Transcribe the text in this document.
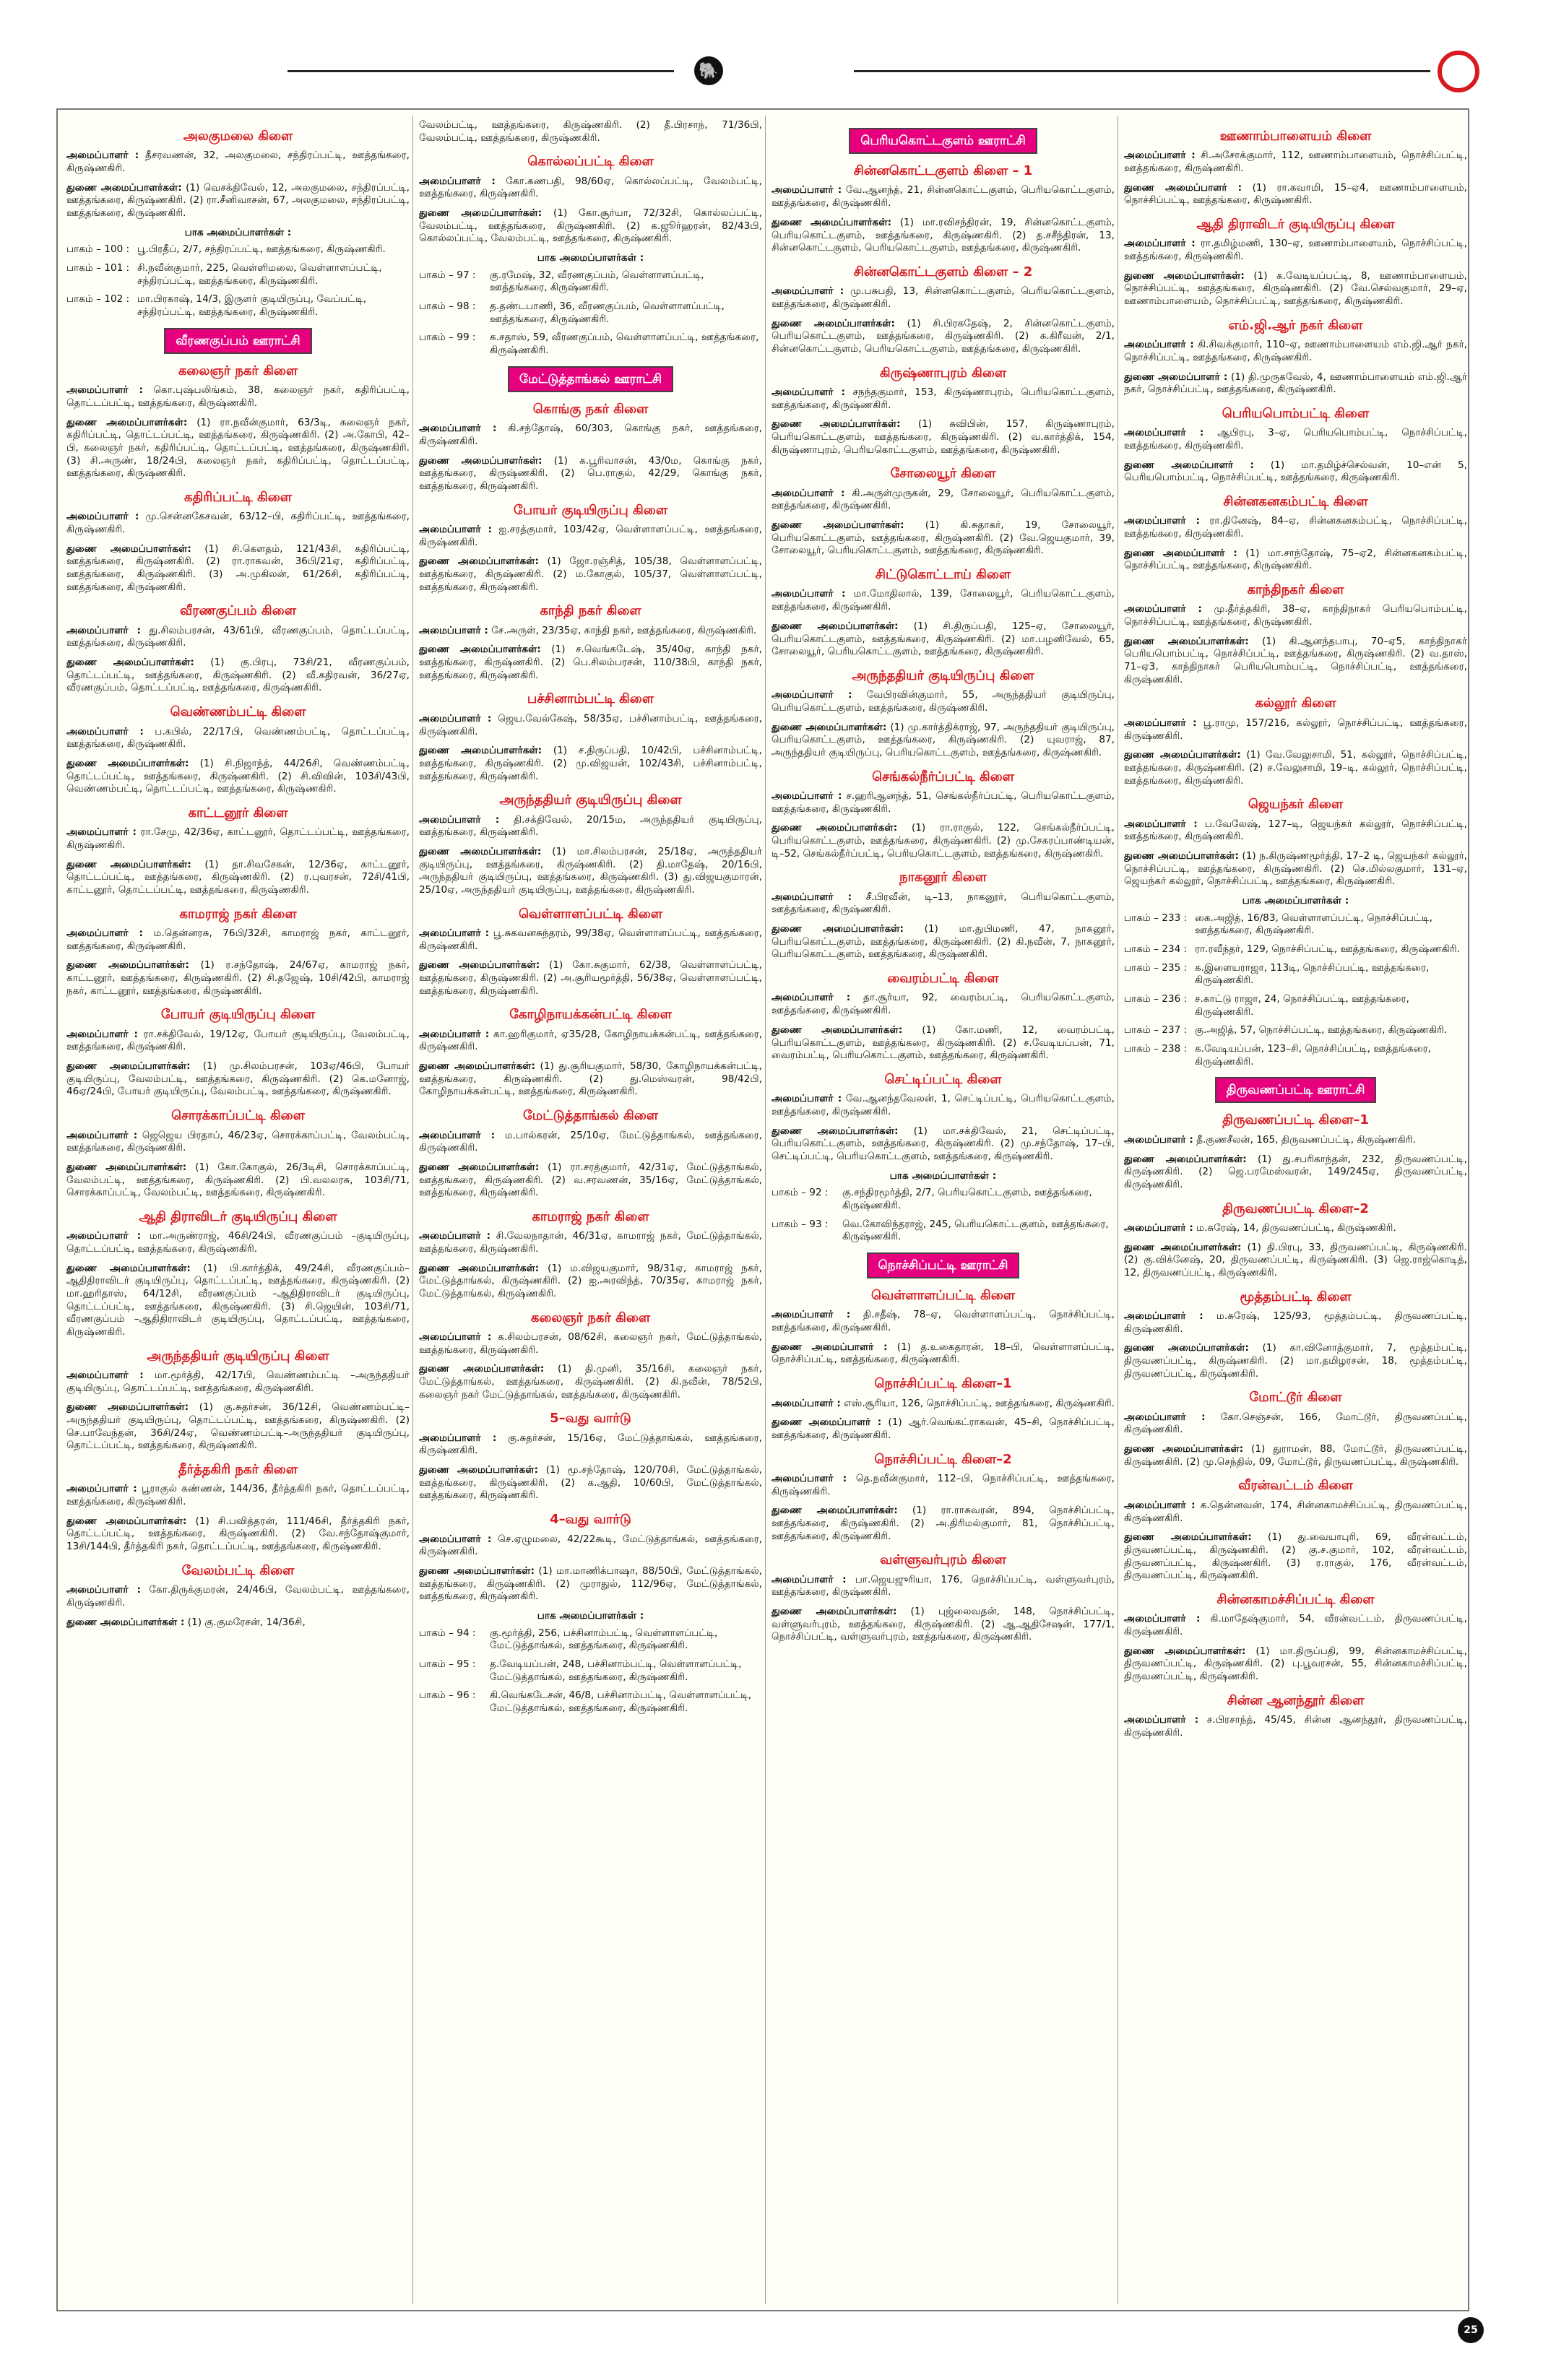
🐘
அலகுமலை கிளை
அமைப்பாளர் : தீசரவணன், 32, அலகுமலை, சந்திரப்பட்டி, ஊத்தங்கரை, கிருஷ்ணகிரி.
துணை அமைப்பாளர்கள்: (1) வெசக்திவேல், 12, அலகுமலை, சந்திரப்பட்டி, ஊத்தங்கரை, கிருஷ்ணகிரி. (2) ரா.சீனிவாசன், 67, அலகுமலை, சந்திரப்பட்டி, ஊத்தங்கரை, கிருஷ்ணகிரி.
பாக அமைப்பாளர்கள் :
பாகம் – 100 : பூ.பிரதீப், 2/7, சந்திரப்பட்டி, ஊத்தங்கரை, கிருஷ்ணகிரி.
பாகம் – 101 : சி.நவீன்குமார், 225, வெள்ளிமலை, வெள்ளாளப்பட்டி, சந்திரப்பட்டி, ஊத்தங்கரை, கிருஷ்ணகிரி.
பாகம் – 102 : மா.பிரகாஷ், 14/3, இருளர் குடியிருப்பு, வேப்பட்டி, சந்திரப்பட்டி, ஊத்தங்கரை, கிருஷ்ணகிரி.
வீரணகுப்பம் ஊராட்சி
கலைஞர் நகர் கிளை
அமைப்பாளர் : கொ.புஷ்பலிங்கம், 38, கலைஞர் நகர், கதிரிப்பட்டி, தொட்டப்பட்டி, ஊத்தங்கரை, கிருஷ்ணகிரி.
துணை அமைப்பாளர்கள்: (1) ரா.நவீன்குமார், 63/3டி, கலைஞர் நகர், கதிரிப்பட்டி, தொட்டப்பட்டி, ஊத்தங்கரை, கிருஷ்ணகிரி. (2) அ.கோபி, 42–பி, கலைஞர் நகர், கதிரிப்பட்டி, தொட்டப்பட்டி, ஊத்தங்கரை, கிருஷ்ணகிரி. (3) சி.அருண், 18/24பி, கலைஞர் நகர், கதிரிப்பட்டி, தொட்டப்பட்டி, ஊத்தங்கரை, கிருஷ்ணகிரி.
கதிரிப்பட்டி கிளை
அமைப்பாளர் : மு.சென்னகேசவன், 63/12–பி, கதிரிப்பட்டி, ஊத்தங்கரை, கிருஷ்ணகிரி.
துணை அமைப்பாளர்கள்: (1) சி.கௌதம், 121/43சி, கதிரிப்பட்டி, ஊத்தங்கரை, கிருஷ்ணகிரி. (2) ரா.ராகவன், 36பி/21ஏ, கதிரிப்பட்டி, ஊத்தங்கரை, கிருஷ்ணகிரி. (3) அ.முகிலன், 61/26சி, கதிரிப்பட்டி, ஊத்தங்கரை, கிருஷ்ணகிரி.
வீரணகுப்பம் கிளை
அமைப்பாளர் : து.சிலம்பரசன், 43/61பி, வீரணகுப்பம், தொட்டப்பட்டி, ஊத்தங்கரை, கிருஷ்ணகிரி.
துணை அமைப்பாளர்கள்: (1) கு.பிரபு, 73சி/21, வீரணகுப்பம், தொட்டப்பட்டி, ஊத்தங்கரை, கிருஷ்ணகிரி. (2) வீ.கதிரவன், 36/27ஏ, வீரணகுப்பம், தொட்டப்பட்டி, ஊத்தங்கரை, கிருஷ்ணகிரி.
வெண்ணம்பட்டி கிளை
அமைப்பாளர் : ப.கபில், 22/17பி, வெண்ணம்பட்டி, தொட்டப்பட்டி, ஊத்தங்கரை, கிருஷ்ணகிரி.
துணை அமைப்பாளர்கள்: (1) சி.நிஜாந்த், 44/26சி, வெண்ணம்பட்டி, தொட்டப்பட்டி, ஊத்தங்கரை, கிருஷ்ணகிரி. (2) சி.விவின், 103சி/43பி, வெண்ணம்பட்டி, தொட்டப்பட்டி, ஊத்தங்கரை, கிருஷ்ணகிரி.
காட்டனூர் கிளை
அமைப்பாளர் : ரா.சேமு, 42/36ஏ, காட்டனூர், தொட்டப்பட்டி, ஊத்தங்கரை, கிருஷ்ணகிரி.
துணை அமைப்பாளர்கள்: (1) தா.சிவசேகன், 12/36ஏ, காட்டனூர், தொட்டப்பட்டி, ஊத்தங்கரை, கிருஷ்ணகிரி. (2) ர.புவரசன், 72சி/41பி, காட்டனூர், தொட்டப்பட்டி, ஊத்தங்கரை, கிருஷ்ணகிரி.
காமராஜ் நகர் கிளை
அமைப்பாளர் : ம.தென்னரசு, 76பி/32சி, காமராஜ் நகர், காட்டனூர், ஊத்தங்கரை, கிருஷ்ணகிரி.
துணை அமைப்பாளர்கள்: (1) ர.சந்தோஷ், 24/67ஏ, காமராஜ் நகர், காட்டனூர், ஊத்தங்கரை, கிருஷ்ணகிரி. (2) சி.தஜேஷ், 10சி/42பி, காமராஜ் நகர், காட்டனூர், ஊத்தங்கரை, கிருஷ்ணகிரி.
போயர் குடியிருப்பு கிளை
அமைப்பாளர் : ரா.சக்திவேல், 19/12ஏ, போயர் குடியிருப்பு, வேலம்பட்டி, ஊத்தங்கரை, கிருஷ்ணகிரி.
துணை அமைப்பாளர்கள்: (1) மு.சிலம்பரசன், 103ஏ/46பி, போயர் குடியிருப்பு, வேலம்பட்டி, ஊத்தங்கரை, கிருஷ்ணகிரி. (2) கெ.மனோஜ், 46ஏ/24பி, போயர் குடியிருப்பு, வேலம்பட்டி, ஊத்தங்கரை, கிருஷ்ணகிரி.
சொரக்காப்பட்டி கிளை
அமைப்பாளர் : ஜெஜெய பிரதாப், 46/23ஏ, சொரக்காப்பட்டி, வேலம்பட்டி, ஊத்தங்கரை, கிருஷ்ணகிரி.
துணை அமைப்பாளர்கள்: (1) கோ.கோகுல், 26/3டிசி, சொரக்காப்பட்டி, வேலம்பட்டி, ஊத்தங்கரை, கிருஷ்ணகிரி. (2) பி.வலலரசு, 103சி/71, சொரக்காப்பட்டி, வேலம்பட்டி, ஊத்தங்கரை, கிருஷ்ணகிரி.
ஆதி திராவிடர் குடியிருப்பு கிளை
அமைப்பாளர் : மா.அருண்ராஜ், 46சி/24பி, வீரணகுப்பம் –குடியிருப்பு, தொட்டப்பட்டி, ஊத்தங்கரை, கிருஷ்ணகிரி.
துணை அமைப்பாளர்கள்: (1) பி.கார்த்திக், 49/24சி, வீரணகுப்பம்–ஆதிதிராவிடர் குடியிருப்பு, தொட்டப்பட்டி, ஊத்தங்கரை, கிருஷ்ணகிரி. (2) மா.ஹரிதாஸ், 64/12சி, வீரணகுப்பம் –ஆதிதிராவிடர் குடியிருப்பு, தொட்டப்பட்டி, ஊத்தங்கரை, கிருஷ்ணகிரி. (3) சி.ஜெயின், 103சி/71, வீரணகுப்பம் –ஆதிதிராவிடர் குடியிருப்பு, தொட்டப்பட்டி, ஊத்தங்கரை, கிருஷ்ணகிரி.
அருந்ததியர் குடியிருப்பு கிளை
அமைப்பாளர் : மா.மூர்த்தி, 42/17பி, வெண்ணம்பட்டி –அருந்ததியர் குடியிருப்பு, தொட்டப்பட்டி, ஊத்தங்கரை, கிருஷ்ணகிரி.
துணை அமைப்பாளர்கள்: (1) கு.சுதர்சன், 36/12சி, வெண்ணம்பட்டி–அருந்ததியர் குடியிருப்பு, தொட்டப்பட்டி, ஊத்தங்கரை, கிருஷ்ணகிரி. (2) செ.பாவேந்தன், 36சி/24ஏ, வெண்ணம்பட்டி–அருந்ததியர் குடியிருப்பு, தொட்டப்பட்டி, ஊத்தங்கரை, கிருஷ்ணகிரி.
தீர்த்தகிரி நகர் கிளை
அமைப்பாளர் : பூராகுல் கண்ணன், 144/36, தீர்த்தகிரி நகர், தொட்டப்பட்டி, ஊத்தங்கரை, கிருஷ்ணகிரி.
துணை அமைப்பாளர்கள்: (1) சி.பவித்தரன், 111/46சி, தீர்த்தகிரி நகர், தொட்டப்பட்டி, ஊத்தங்கரை, கிருஷ்ணகிரி. (2) வே.சந்தோஷ்குமார், 13சி/144பி, தீர்த்தகிரி நகர், தொட்டப்பட்டி, ஊத்தங்கரை, கிருஷ்ணகிரி.
வேலம்பட்டி கிளை
அமைப்பாளர் : கோ.திருக்குமரன், 24/46பி, வேலம்பட்டி, ஊத்தங்கரை, கிருஷ்ணகிரி.
துணை அமைப்பாளர்கள் : (1) கு.குமரேசன், 14/36சி,
வேலம்பட்டி, ஊத்தங்கரை, கிருஷ்ணகிரி. (2) தீ.பிரசாந், 71/36பி, வேலம்பட்டி, ஊத்தங்கரை, கிருஷ்ணகிரி.
கொல்லப்பட்டி கிளை
அமைப்பாளர் : கோ.கணபதி, 98/60ஏ, கொல்லப்பட்டி, வேலம்பட்டி, ஊத்தங்கரை, கிருஷ்ணகிரி.
துணை அமைப்பாளர்கள்: (1) கோ.சூர்யா, 72/32சி, கொல்லப்பட்டி, வேலம்பட்டி, ஊத்தங்கரை, கிருஷ்ணகிரி. (2) க.ஜூர்ஹரன், 82/43பி, கொல்லப்பட்டி, வேலம்பட்டி, ஊத்தங்கரை, கிருஷ்ணகிரி.
பாக அமைப்பாளர்கள் :
பாகம் – 97 :	கு.ரமேஷ், 32, வீரணகுப்பம், வெள்ளாளப்பட்டி, ஊத்தங்கரை, கிருஷ்ணகிரி.
பாகம் – 98 :	த.தண்டபாணி, 36, வீரணகுப்பம், வெள்ளாளப்பட்டி, ஊத்தங்கரை, கிருஷ்ணகிரி.
பாகம் – 99 :	க.சதாஸ், 59, வீரணகுப்பம், வெள்ளாளப்பட்டி, ஊத்தங்கரை, கிருஷ்ணகிரி.
மேட்டுத்தாங்கல் ஊராட்சி
கொங்கு நகர் கிளை
அமைப்பாளர் : கி.சந்தோஷ், 60/303, கொங்கு நகர், ஊத்தங்கரை, கிருஷ்ணகிரி.
துணை அமைப்பாளர்கள்: (1) க.பூரிவாசன், 43/0ம, கொங்கு நகர், ஊத்தங்கரை, கிருஷ்ணகிரி. (2) பெ.ராகுல், 42/29, கொங்கு நகர், ஊத்தங்கரை, கிருஷ்ணகிரி.
போயர் குடியிருப்பு கிளை
அமைப்பாளர் : ஐ.சரத்குமார், 103/42ஏ, வெள்ளாளப்பட்டி, ஊத்தங்கரை, கிருஷ்ணகிரி.
துணை அமைப்பாளர்கள்: (1) ஜோ.ரஞ்சித், 105/38, வெள்ளாளப்பட்டி, ஊத்தங்கரை, கிருஷ்ணகிரி. (2) ம.கோகுல், 105/37, வெள்ளாளப்பட்டி, ஊத்தங்கரை, கிருஷ்ணகிரி.
காந்தி நகர் கிளை
அமைப்பாளர் : சே.அருள், 23/35ஏ, காந்தி நகர், ஊத்தங்கரை, கிருஷ்ணகிரி.
துணை அமைப்பாளர்கள்: (1) ச.வெங்கடேஷ், 35/40ஏ, காந்தி நகர், ஊத்தங்கரை, கிருஷ்ணகிரி. (2) பெ.சிலம்பரசன், 110/38பி, காந்தி நகர், ஊத்தங்கரை, கிருஷ்ணகிரி.
பச்சினாம்பட்டி கிளை
அமைப்பாளர் : ஜெய.வேல்கேஷ், 58/35ஏ, பச்சினாம்பட்டி, ஊத்தங்கரை, கிருஷ்ணகிரி.
துணை அமைப்பாளர்கள்: (1) ச.திருப்பதி, 10/42பி, பச்சினாம்பட்டி, ஊத்தங்கரை, கிருஷ்ணகிரி. (2) மு.விஜயன், 102/43சி, பச்சினாம்பட்டி, ஊத்தங்கரை, கிருஷ்ணகிரி.
அருந்ததியர் குடியிருப்பு கிளை
அமைப்பாளர் : தி.சக்திவேல், 20/15ம, அருந்ததியர் குடியிருப்பு, ஊத்தங்கரை, கிருஷ்ணகிரி.
துணை அமைப்பாளர்கள்: (1) மா.சிலம்பரசன், 25/18ஏ, அருந்ததியர் குடியிருப்பு, ஊத்தங்கரை, கிருஷ்ணகிரி. (2) தி.மாதேஷ், 20/16பி, அருந்ததியர் குடியிருப்பு, ஊத்தங்கரை, கிருஷ்ணகிரி. (3) து.விஜயகுமாரன், 25/10ஏ, அருந்ததியர் குடியிருப்பு, ஊத்தங்கரை, கிருஷ்ணகிரி.
வெள்ளாளப்பட்டி கிளை
அமைப்பாளர் : பூ.சுகவனசுந்தரம், 99/38ஏ, வெள்ளாளப்பட்டி, ஊத்தங்கரை, கிருஷ்ணகிரி.
துணை அமைப்பாளர்கள்: (1) கோ.சுகுமார், 62/38, வெள்ளாளப்பட்டி, ஊத்தங்கரை, கிருஷ்ணகிரி. (2) அ.சூரியமூர்த்தி, 56/38ஏ, வெள்ளாளப்பட்டி, ஊத்தங்கரை, கிருஷ்ணகிரி.
கோழிநாயக்கன்பட்டி கிளை
அமைப்பாளர் : கா.ஹரிகுமார், ஏ35/28, கோழிநாயக்கன்பட்டி, ஊத்தங்கரை, கிருஷ்ணகிரி.
துணை அமைப்பாளர்கள்: (1) து.சூரியகுமார், 58/30, கோழிநாயக்கன்பட்டி, ஊத்தங்கரை, கிருஷ்ணகிரி. (2) து.மெஸ்வரன், 98/42பி, கோழிநாயக்கன்பட்டி, ஊத்தங்கரை, கிருஷ்ணகிரி.
மேட்டுத்தாங்கல் கிளை
அமைப்பாளர் : ம.பால்கரன், 25/10ஏ, மேட்டுத்தாங்கல், ஊத்தங்கரை, கிருஷ்ணகிரி.
துணை அமைப்பாளர்கள்: (1) ரா.சரத்குமார், 42/31ஏ, மேட்டுத்தாங்கல், ஊத்தங்கரை, கிருஷ்ணகிரி. (2) வ.சரவணன், 35/16ஏ, மேட்டுத்தாங்கல், ஊத்தங்கரை, கிருஷ்ணகிரி.
காமராஜ் நகர் கிளை
அமைப்பாளர் : சி.வேலநாதான், 46/31ஏ, காமராஜ் நகர், மேட்டுத்தாங்கல், ஊத்தங்கரை, கிருஷ்ணகிரி.
துணை அமைப்பாளர்கள்: (1) ம.விஜயகுமார், 98/31ஏ, காமராஜ் நகர், மேட்டுத்தாங்கல், கிருஷ்ணகிரி. (2) ஐ.அரவிந்த், 70/35ஏ, காமராஜ் நகர், மேட்டுத்தாங்கல், கிருஷ்ணகிரி.
கலைஞர் நகர் கிளை
அமைப்பாளர் : க.சிலம்பரசன், 08/62சி, கலைஞர் நகர், மேட்டுத்தாங்கல், ஊத்தங்கரை, கிருஷ்ணகிரி.
துணை அமைப்பாளர்கள்: (1) தி.முனி, 35/16சி, கலைஞர் நகர், மேட்டுத்தாங்கல், ஊத்தங்கரை, கிருஷ்ணகிரி. (2) கி.நவீன், 78/52பி, கலைஞர் நகர் மேட்டுத்தாங்கல், ஊத்தங்கரை, கிருஷ்ணகிரி.
5–வது வார்டு
அமைப்பாளர் : கு.சுதர்சன், 15/16ஏ, மேட்டுத்தாங்கல், ஊத்தங்கரை, கிருஷ்ணகிரி.
துணை அமைப்பாளர்கள்: (1) மூ.சந்தோஷ், 120/70சி, மேட்டுத்தாங்கல், ஊத்தங்கரை, கிருஷ்ணகிரி. (2) க.ஆதி, 10/60பி, மேட்டுத்தாங்கல், ஊத்தங்கரை, கிருஷ்ணகிரி.
4–வது வார்டு
அமைப்பாளர் : செ.ஏழுமலை, 42/22கூடி, மேட்டுத்தாங்கல், ஊத்தங்கரை, கிருஷ்ணகிரி.
துணை அமைப்பாளர்கள்: (1) மா.மாணிக்பாஷா, 88/50பி, மேட்டுத்தாங்கல், ஊத்தங்கரை, கிருஷ்ணகிரி. (2) முராதுல், 112/96ஏ, மேட்டுத்தாங்கல், ஊத்தங்கரை, கிருஷ்ணகிரி.
பாக அமைப்பாளர்கள் :
பாகம் – 94 :	கு.மூர்த்தி, 256, பச்சினாம்பட்டி, வெள்ளாளப்பட்டி, மேட்டுத்தாங்கல், ஊத்தங்கரை, கிருஷ்ணகிரி.
பாகம் – 95 :	த.வேடியப்பன், 248, பச்சினாம்பட்டி, வெள்ளாளப்பட்டி, மேட்டுத்தாங்கல், ஊத்தங்கரை, கிருஷ்ணகிரி.
பாகம் – 96 :	கி.வெங்கடேசன், 46/8, பச்சினாம்பட்டி, வெள்ளாளப்பட்டி, மேட்டுத்தாங்கல், ஊத்தங்கரை, கிருஷ்ணகிரி.
பெரியகொட்டகுளம் ஊராட்சி
சின்னகொட்டகுளம் கிளை – 1
அமைப்பாளர் : வே.ஆனந்த், 21, சின்னகொட்டகுளம், பெரியகொட்டகுளம், ஊத்தங்கரை, கிருஷ்ணகிரி.
துணை அமைப்பாளர்கள்: (1) மா.ரவிசந்திரன், 19, சின்னகொட்டகுளம், பெரியகொட்டகுளம், ஊத்தங்கரை, கிருஷ்ணகிரி. (2) த.சசீந்திரன், 13, சின்னகொட்டகுளம், பெரியகொட்டகுளம், ஊத்தங்கரை, கிருஷ்ணகிரி.
சின்னகொட்டகுளம் கிளை – 2
அமைப்பாளர் : மு.பசுபதி, 13, சின்னகொட்டகுளம், பெரியகொட்டகுளம், ஊத்தங்கரை, கிருஷ்ணகிரி.
துணை அமைப்பாளர்கள்: (1) சி.பிரகதேஷ், 2, சின்னகொட்டகுளம், பெரியகொட்டகுளம், ஊத்தங்கரை, கிருஷ்ணகிரி. (2) க.கிரீவன், 2/1, சின்னகொட்டகுளம், பெரியகொட்டகுளம், ஊத்தங்கரை, கிருஷ்ணகிரி.
கிருஷ்ணாபுரம் கிளை
அமைப்பாளர் : சநந்தகுமார், 153, கிருஷ்ணாபுரம், பெரியகொட்டகுளம், ஊத்தங்கரை, கிருஷ்ணகிரி.
துணை அமைப்பாளர்கள்: (1) சுவிபின், 157, கிருஷ்ணாபுரம், பெரியகொட்டகுளம், ஊத்தங்கரை, கிருஷ்ணகிரி. (2) வ.கார்த்திக், 154, கிருஷ்ணாபுரம், பெரியகொட்டகுளம், ஊத்தங்கரை, கிருஷ்ணகிரி.
சோலையூர் கிளை
அமைப்பாளர் : கி.அருள்முருகன், 29, சோலையூர், பெரியகொட்டகுளம், ஊத்தங்கரை, கிருஷ்ணகிரி.
துணை அமைப்பாளர்கள்: (1) கி.சுதாகர், 19, சோலையூர், பெரியகொட்டகுளம், ஊத்தங்கரை, கிருஷ்ணகிரி. (2) வே.ஜெயகுமார், 39, சோலையூர், பெரியகொட்டகுளம், ஊத்தங்கரை, கிருஷ்ணகிரி.
சிட்டுகொட்டாய் கிளை
அமைப்பாளர் : மா.மோதிலால், 139, சோலையூர், பெரியகொட்டகுளம், ஊத்தங்கரை, கிருஷ்ணகிரி.
துணை அமைப்பாளர்கள்: (1) சி.திருப்பதி, 125–ஏ, சோலையூர், பெரியகொட்டகுளம், ஊத்தங்கரை, கிருஷ்ணகிரி. (2) மா.பழனிவேல், 65, சோலையூர், பெரியகொட்டகுளம், ஊத்தங்கரை, கிருஷ்ணகிரி.
அருந்ததியர் குடியிருப்பு கிளை
அமைப்பாளர் : வேபிரவின்குமார், 55, அருந்ததியர் குடியிருப்பு, பெரியகொட்டகுளம், ஊத்தங்கரை, கிருஷ்ணகிரி.
துணை அமைப்பாளர்கள்: (1) மு.கார்த்திக்ராஜ், 97, அருந்ததியர் குடியிருப்பு, பெரியகொட்டகுளம், ஊத்தங்கரை, கிருஷ்ணகிரி. (2) யுவராஜ், 87, அருந்ததியர் குடியிருப்பு, பெரியகொட்டகுளம், ஊத்தங்கரை, கிருஷ்ணகிரி.
செங்கல்நீர்ப்பட்டி கிளை
அமைப்பாளர் : ச.ஹரிஆனந்த், 51, செங்கல்நீர்ப்பட்டி, பெரியகொட்டகுளம், ஊத்தங்கரை, கிருஷ்ணகிரி.
துணை அமைப்பாளர்கள்: (1) ரா.ராகுல், 122, செங்கல்நீர்ப்பட்டி, பெரியகொட்டகுளம், ஊத்தங்கரை, கிருஷ்ணகிரி. (2) மு.சேகரப்பாண்டியன், டி–52, செங்கல்நீர்ப்பட்டி, பெரியகொட்டகுளம், ஊத்தங்கரை, கிருஷ்ணகிரி.
நாகனூர் கிளை
அமைப்பாளர் : சீ.பிரவீன், டி–13, நாகனூர், பெரியகொட்டகுளம், ஊத்தங்கரை, கிருஷ்ணகிரி.
துணை அமைப்பாளர்கள்: (1) மா.துபிமணி, 47, நாகனூர், பெரியகொட்டகுளம், ஊத்தங்கரை, கிருஷ்ணகிரி. (2) கி.நவீன், 7, நாகனூர், பெரியகொட்டகுளம், ஊத்தங்கரை, கிருஷ்ணகிரி.
வைரம்பட்டி கிளை
அமைப்பாளர் : தா.சூர்யா, 92, வைரம்பட்டி, பெரியகொட்டகுளம், ஊத்தங்கரை, கிருஷ்ணகிரி.
துணை அமைப்பாளர்கள்: (1) கோ.மணி, 12, வைரம்பட்டி, பெரியகொட்டகுளம், ஊத்தங்கரை, கிருஷ்ணகிரி. (2) ச.வேடியப்பன், 71, வைரம்பட்டி, பெரியகொட்டகுளம், ஊத்தங்கரை, கிருஷ்ணகிரி.
செட்டிப்பட்டி கிளை
அமைப்பாளர் : வே.ஆனந்தவேலன், 1, செட்டிப்பட்டி, பெரியகொட்டகுளம், ஊத்தங்கரை, கிருஷ்ணகிரி.
துணை அமைப்பாளர்கள்: (1) மா.சக்திவேல், 21, செட்டிப்பட்டி, பெரியகொட்டகுளம், ஊத்தங்கரை, கிருஷ்ணகிரி. (2) மு.சந்தோஷ், 17–பி, செட்டிப்பட்டி, பெரியகொட்டகுளம், ஊத்தங்கரை, கிருஷ்ணகிரி.
பாக அமைப்பாளர்கள் :
பாகம் – 92 :	கு.சந்திரமூர்த்தி, 2/7, பெரியகொட்டகுளம், ஊத்தங்கரை, கிருஷ்ணகிரி.
பாகம் – 93 :	வெ.கோவிந்தராஜ், 245, பெரியகொட்டகுளம், ஊத்தங்கரை, கிருஷ்ணகிரி.
நொச்சிப்பட்டி ஊராட்சி
வெள்ளாளப்பட்டி கிளை
அமைப்பாளர் : தி.சதீஷ், 78–ஏ, வெள்ளாளப்பட்டி, நொச்சிப்பட்டி, ஊத்தங்கரை, கிருஷ்ணகிரி.
துணை அமைப்பாளர் : (1) த.உகைதாரன், 18–பி, வெள்ளாளப்பட்டி, நொச்சிப்பட்டி, ஊத்தங்கரை, கிருஷ்ணகிரி.
நொச்சிப்பட்டி கிளை–1
அமைப்பாளர் : எஸ்.சூரியா, 126, நொச்சிப்பட்டி, ஊத்தங்கரை, கிருஷ்ணகிரி.
துணை அமைப்பாளர் : (1) ஆர்.வெங்கட்ராகவன், 45–சி, நொச்சிப்பட்டி, ஊத்தங்கரை, கிருஷ்ணகிரி.
நொச்சிப்பட்டி கிளை–2
அமைப்பாளர் : தெ.நவீன்குமார், 112–பி, நொச்சிப்பட்டி, ஊத்தங்கரை, கிருஷ்ணகிரி.
துணை அமைப்பாளர்கள்: (1) ரா.ராசுவரன், 894, நொச்சிப்பட்டி, ஊத்தங்கரை, கிருஷ்ணகிரி. (2) அ.திரிமல்குமார், 81, நொச்சிப்பட்டி, ஊத்தங்கரை, கிருஷ்ணகிரி.
வள்ளுவர்புரம் கிளை
அமைப்பாளர் : பா.ஜெயஜுரியா, 176, நொச்சிப்பட்டி, வள்ளுவர்புரம், ஊத்தங்கரை, கிருஷ்ணகிரி.
துணை அமைப்பாளர்கள்: (1) புஜ்லைவதன், 148, நொச்சிப்பட்டி, வள்ளுவர்புரம், ஊத்தங்கரை, கிருஷ்ணகிரி. (2) ஆ.ஆதிசேஷன், 177/1, நொச்சிப்பட்டி, வள்ளுவர்புரம், ஊத்தங்கரை, கிருஷ்ணகிரி.
ஊணாம்பாளையம் கிளை
அமைப்பாளர் : சி.அசோக்குமார், 112, ஊணாம்பாளையம், நொச்சிப்பட்டி, ஊத்தங்கரை, கிருஷ்ணகிரி.
துணை அமைப்பாளர் : (1) ரா.கவாமி, 15–ஏ4, ஊணாம்பாளையம், நொச்சிப்பட்டி, ஊத்தங்கரை, கிருஷ்ணகிரி.
ஆதி திராவிடர் குடியிருப்பு கிளை
அமைப்பாளர் : ரா.தமிழ்மணி, 130–ஏ, ஊணாம்பாளையம், நொச்சிப்பட்டி, ஊத்தங்கரை, கிருஷ்ணகிரி.
துணை அமைப்பாளர்கள்: (1) க.வேடியப்பட்டி, 8, ஊணாம்பாளையம், நொச்சிப்பட்டி, ஊத்தங்கரை, கிருஷ்ணகிரி. (2) வே.செல்வகுமார், 29–ஏ, ஊணாம்பாளையம், நொச்சிப்பட்டி, ஊத்தங்கரை, கிருஷ்ணகிரி.
எம்.ஜி.ஆர் நகர் கிளை
அமைப்பாளர் : கி.சிவக்குமார், 110–ஏ, ஊணாம்பாளையம் எம்.ஜி.ஆர் நகர், நொச்சிப்பட்டி, ஊத்தங்கரை, கிருஷ்ணகிரி.
துணை அமைப்பாளர் : (1) தி.முருகவேல், 4, ஊணாம்பாளையம் எம்.ஜி.ஆர் நகர், நொச்சிப்பட்டி, ஊத்தங்கரை, கிருஷ்ணகிரி.
பெரியபொம்பட்டி கிளை
அமைப்பாளர் : ஆபிரபு, 3–ஏ, பெரியபொம்பட்டி, நொச்சிப்பட்டி, ஊத்தங்கரை, கிருஷ்ணகிரி.
துணை அமைப்பாளர் : (1) மா.தமிழ்ச்செல்வன், 10–என் 5, பெரியபொம்பட்டி, நொச்சிப்பட்டி, ஊத்தங்கரை, கிருஷ்ணகிரி.
சின்னகனகம்பட்டி கிளை
அமைப்பாளர் : ரா.தினேஷ், 84–ஏ, சின்னகனகம்பட்டி, நொச்சிப்பட்டி, ஊத்தங்கரை, கிருஷ்ணகிரி.
துணை அமைப்பாளர் : (1) மா.சாந்தோஷ், 75–ஏ2, சின்னகனகம்பட்டி, நொச்சிப்பட்டி, ஊத்தங்கரை, கிருஷ்ணகிரி.
காந்திநகர் கிளை
அமைப்பாளர் : மு.தீர்த்தகிரி, 38–ஏ, காந்திநாகர் பெரியபொம்பட்டி, நொச்சிப்பட்டி, ஊத்தங்கரை, கிருஷ்ணகிரி.
துணை அமைப்பாளர்கள்: (1) கி.ஆனந்தபாபு, 70–ஏ5, காந்திநாகர் பெரியபொம்பட்டி, நொச்சிப்பட்டி, ஊத்தங்கரை, கிருஷ்ணகிரி. (2) வ.தாஸ், 71–ஏ3, காந்திநாகர் பெரியபொம்பட்டி, நொச்சிப்பட்டி, ஊத்தங்கரை, கிருஷ்ணகிரி.
கல்லூர் கிளை
அமைப்பாளர் : பூ.ராமு, 157/216, கல்லூர், நொச்சிப்பட்டி, ஊத்தங்கரை, கிருஷ்ணகிரி.
துணை அமைப்பாளர்கள்: (1) வே.வேலுசாமி, 51, கல்லூர், நொச்சிப்பட்டி, ஊத்தங்கரை, கிருஷ்ணகிரி. (2) ச.வேலுசாமி, 19–டி, கல்லூர், நொச்சிப்பட்டி, ஊத்தங்கரை, கிருஷ்ணகிரி.
ஜெயந்கர் கிளை
அமைப்பாளர் : ப.வேலேஷ், 127–டி, ஜெயந்கர் கல்லூர், நொச்சிப்பட்டி, ஊத்தங்கரை, கிருஷ்ணகிரி.
துணை அமைப்பாளர்கள்: (1) ந.கிருஷ்ணமூர்த்தி, 17–2 டி, ஜெயந்கர் கல்லூர், நொச்சிப்பட்டி, ஊத்தங்கரை, கிருஷ்ணகிரி. (2) செ.மில்லகுமார், 131–ஏ, ஜெயந்கர் கல்லூர், நொச்சிப்பட்டி, ஊத்தங்கரை, கிருஷ்ணகிரி.
பாக அமைப்பாளர்கள் :
பாகம் – 233 : கை.அஜித், 16/83, வெள்ளாளப்பட்டி, நொச்சிப்பட்டி, ஊத்தங்கரை, கிருஷ்ணகிரி.
பாகம் – 234 : ரா.ரவீந்தர், 129, நொச்சிப்பட்டி, ஊத்தங்கரை, கிருஷ்ணகிரி.
பாகம் – 235 : க.இளையராஜா, 113டி, நொச்சிப்பட்டி, ஊத்தங்கரை, கிருஷ்ணகிரி.
பாகம் – 236 : ச.காட்டு ராஜா, 24, நொச்சிப்பட்டி, ஊத்தங்கரை, கிருஷ்ணகிரி.
பாகம் – 237 : கு.அஜித், 57, நொச்சிப்பட்டி, ஊத்தங்கரை, கிருஷ்ணகிரி.
பாகம் – 238 : க.வேடியப்பன், 123–சி, நொச்சிப்பட்டி, ஊத்தங்கரை, கிருஷ்ணகிரி.
திருவணப்பட்டி ஊராட்சி
திருவணப்பட்டி கிளை–1
அமைப்பாளர் : தீ.குணசீலன், 165, திருவணப்பட்டி, கிருஷ்ணகிரி.
துணை அமைப்பாளர்கள்: (1) து.சபரிகாந்தன், 232, திருவணப்பட்டி, கிருஷ்ணகிரி. (2) ஜெ.பரமேஸ்வரன், 149/245ஏ, திருவணப்பட்டி, கிருஷ்ணகிரி.
திருவணப்பட்டி கிளை–2
அமைப்பாளர் : ம.சுரேஷ், 14, திருவணப்பட்டி, கிருஷ்ணகிரி.
துணை அமைப்பாளர்கள்: (1) தி.பிரபு, 33, திருவணப்பட்டி, கிருஷ்ணகிரி. (2) கு.விக்னேஷ், 20, திருவணப்பட்டி, கிருஷ்ணகிரி. (3) ஜெ.ராஜ்கொடித், 12, திருவணப்பட்டி, கிருஷ்ணகிரி.
மூத்தம்பட்டி கிளை
அமைப்பாளர் : ம.சுரேஷ், 125/93, மூத்தம்பட்டி, திருவணப்பட்டி, கிருஷ்ணகிரி.
துணை அமைப்பாளர்கள்: (1) கா.வினோத்குமார், 7, மூத்தம்பட்டி, திருவணப்பட்டி, கிருஷ்ணகிரி. (2) மா.தமிழரசன், 18, மூத்தம்பட்டி, திருவணப்பட்டி, கிருஷ்ணகிரி.
மோட்டூர் கிளை
அமைப்பாளர் : கோ.செஞ்சன், 166, மோட்டூர், திருவணப்பட்டி, கிருஷ்ணகிரி.
துணை அமைப்பாளர்கள்: (1) துராமன், 88, மோட்டூர், திருவணப்பட்டி, கிருஷ்ணகிரி. (2) மு.செந்தில், 09, மோட்டூர், திருவணப்பட்டி, கிருஷ்ணகிரி.
வீரன்வட்டம் கிளை
அமைப்பாளர் : க.தென்னவன், 174, சின்னகாமச்சிப்பட்டி, திருவணப்பட்டி, கிருஷ்ணகிரி.
துணை அமைப்பாளர்கள்: (1) து.வையாபுரி, 69, வீரன்வட்டம், திருவணப்பட்டி, கிருஷ்ணகிரி. (2) கு.ச.குமார், 102, வீரன்வட்டம், திருவணப்பட்டி, கிருஷ்ணகிரி. (3) ர.ராகுல், 176, வீரன்வட்டம், திருவணப்பட்டி, கிருஷ்ணகிரி.
சின்னகாமச்சிப்பட்டி கிளை
அமைப்பாளர் : கி.மாதேஷ்குமார், 54, வீரன்வட்டம், திருவணப்பட்டி, கிருஷ்ணகிரி.
துணை அமைப்பாளர்கள்: (1) மா.திருப்பதி, 99, சின்னகாமச்சிப்பட்டி, திருவணப்பட்டி, கிருஷ்ணகிரி. (2) பு.பூவரசன், 55, சின்னகாமச்சிப்பட்டி, திருவணப்பட்டி, கிருஷ்ணகிரி.
சின்ன ஆனந்தூர் கிளை
அமைப்பாளர் : ச.பிரசாந்த், 45/45, சின்ன ஆனந்தூர், திருவணப்பட்டி, கிருஷ்ணகிரி.
25
